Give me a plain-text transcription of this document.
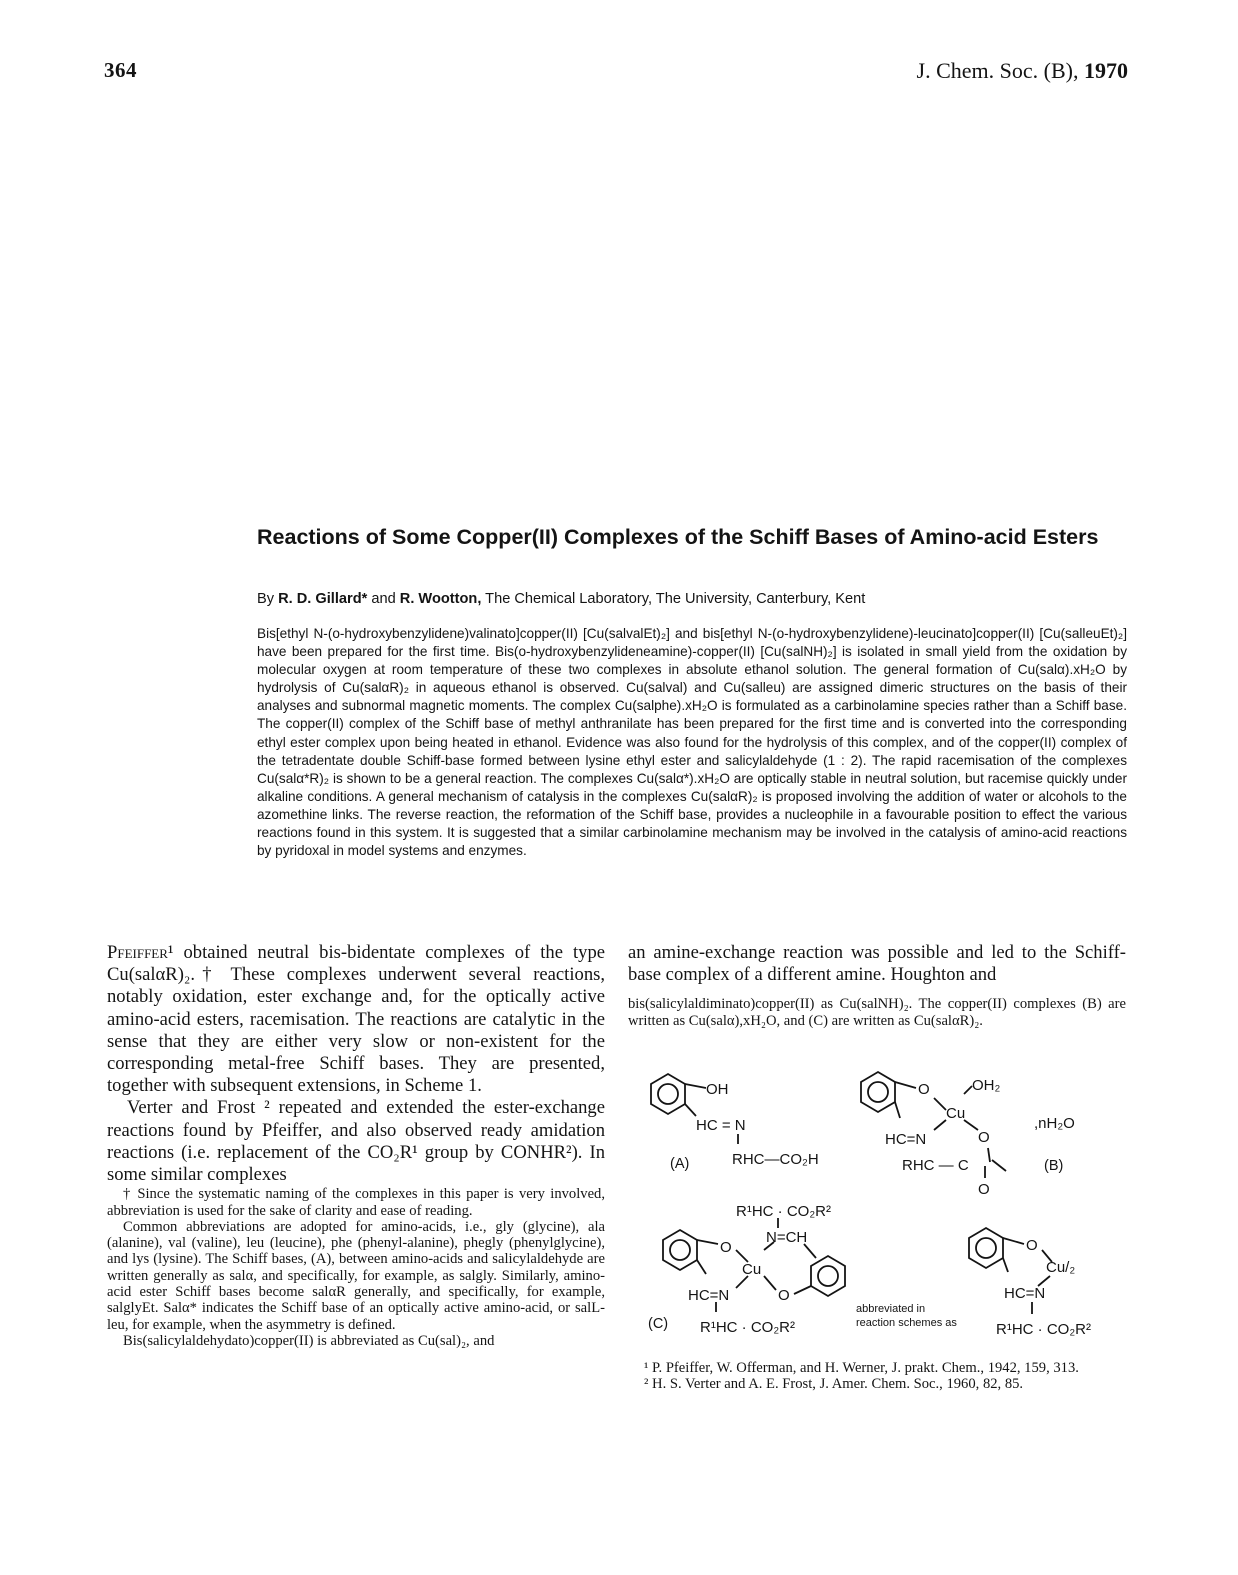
364	J. Chem. Soc. (B), 1970
Reactions of Some Copper(II) Complexes of the Schiff Bases of Amino-acid Esters
By R. D. Gillard* and R. Wootton, The Chemical Laboratory, The University, Canterbury, Kent

Bis[ethyl N-(o-hydroxybenzylidene)valinato]copper(II) [Cu(salvalEt)₂] and bis[ethyl N-(o-hydroxybenzylidene)-leucinato]copper(II) [Cu(salleuEt)₂] have been prepared for the first time. Bis(o-hydroxybenzylideneamine)-copper(II) [Cu(salNH)₂] is isolated in small yield from the oxidation by molecular oxygen at room temperature of these two complexes in absolute ethanol solution. The general formation of Cu(salα).xH₂O by hydrolysis of Cu(salαR)₂ in aqueous ethanol is observed. Cu(salval) and Cu(salleu) are assigned dimeric structures on the basis of their analyses and subnormal magnetic moments. The complex Cu(salphe).xH₂O is formulated as a carbinolamine species rather than a Schiff base. The copper(II) complex of the Schiff base of methyl anthranilate has been prepared for the first time and is converted into the corresponding ethyl ester complex upon being heated in ethanol. Evidence was also found for the hydrolysis of this complex, and of the copper(II) complex of the tetradentate double Schiff-base formed between lysine ethyl ester and salicylaldehyde (1 : 2). The rapid racemisation of the complexes Cu(salα*R)₂ is shown to be a general reaction. The complexes Cu(salα*).xH₂O are optically stable in neutral solution, but racemise quickly under alkaline conditions. A general mechanism of catalysis in the complexes Cu(salαR)₂ is proposed involving the addition of water or alcohols to the azomethine links. The reverse reaction, the reformation of the Schiff base, provides a nucleophile in a favourable position to effect the various reactions found in this system. It is suggested that a similar carbinolamine mechanism may be involved in the catalysis of amino-acid reactions by pyridoxal in model systems and enzymes.

Pfeiffer¹ obtained neutral bis-bidentate complexes of the type Cu(salαR)₂.† These complexes underwent several reactions, notably oxidation, ester exchange and, for the optically active amino-acid esters, racemisation. The reactions are catalytic in the sense that they are either very slow or non-existent for the corresponding metal-free Schiff bases. They are presented, together with subsequent extensions, in Scheme 1.

Verter and Frost ² repeated and extended the ester-exchange reactions found by Pfeiffer, and also observed ready amidation reactions (i.e. replacement of the CO₂R¹ group by CONHR²). In some similar complexes

† Since the systematic naming of the complexes in this paper is very involved, abbreviation is used for the sake of clarity and ease of reading.

Common abbreviations are adopted for amino-acids, i.e., gly (glycine), ala (alanine), val (valine), leu (leucine), phe (phenyl-alanine), phegly (phenylglycine), and lys (lysine). The Schiff bases, (A), between amino-acids and salicylaldehyde are written generally as salα, and specifically, for example, as salgly. Similarly, amino-acid ester Schiff bases become salαR generally, and specifically, for example, salglyEt. Salα* indicates the Schiff base of an optically active amino-acid, or salL-leu, for example, when the asymmetry is defined.

Bis(salicylaldehydato)copper(II) is abbreviated as Cu(sal)₂, and

an amine-exchange reaction was possible and led to the Schiff-base complex of a different amine. Houghton and

bis(salicylaldiminato)copper(II) as Cu(salNH)₂. The copper(II) complexes (B) are written as Cu(salα),xH₂O, and (C) are written as Cu(salαR)₂.

OH
HC = N
RHC—CO₂H
(A)
O	OH₂
Cu
HC=N	O
RHC — C
O
,nH₂O
(B)
R¹HC · CO₂R²
O
N=CH
Cu
HC=N	O
R¹HC · CO₂R²
(C)
abbreviated in
reaction schemes as
O
Cu/₂
HC=N
R¹HC · CO₂R²

¹ P. Pfeiffer, W. Offerman, and H. Werner, J. prakt. Chem., 1942, 159, 313.

² H. S. Verter and A. E. Frost, J. Amer. Chem. Soc., 1960, 82, 85.
